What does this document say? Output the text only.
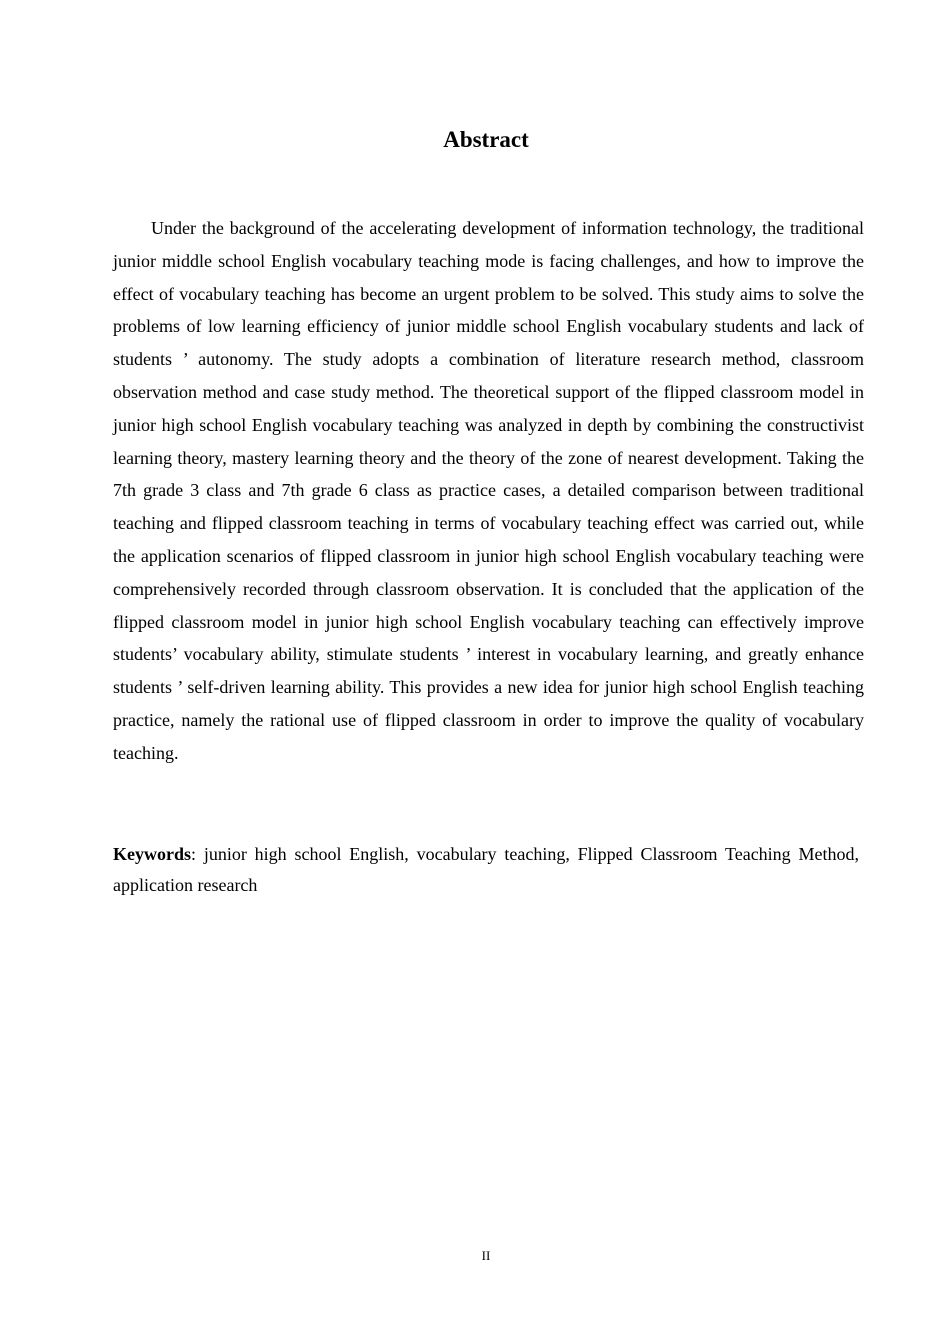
Abstract

Under the background of the accelerating development of information technology, the traditional junior middle school English vocabulary teaching mode is facing challenges, and how to improve the effect of vocabulary teaching has become an urgent problem to be solved. This study aims to solve the problems of low learning efficiency of junior middle school English vocabulary students and lack of students ’ autonomy. The study adopts a combination of literature research method, classroom observation method and case study method. The theoretical support of the flipped classroom model in junior high school English vocabulary teaching was analyzed in depth by combining the constructivist learning theory, mastery learning theory and the theory of the zone of nearest development. Taking the 7th grade 3 class and 7th grade 6 class as practice cases, a detailed comparison between traditional teaching and flipped classroom teaching in terms of vocabulary teaching effect was carried out, while the application scenarios of flipped classroom in junior high school English vocabulary teaching were comprehensively recorded through classroom observation. It is concluded that the application of the flipped classroom model in junior high school English vocabulary teaching can effectively improve students’ vocabulary ability, stimulate students ’ interest in vocabulary learning, and greatly enhance students ’ self-driven learning ability. This provides a new idea for junior high school English teaching practice, namely the rational use of flipped classroom in order to improve the quality of vocabulary teaching.

Keywords: junior high school English, vocabulary teaching, Flipped Classroom Teaching Method, application research

II
